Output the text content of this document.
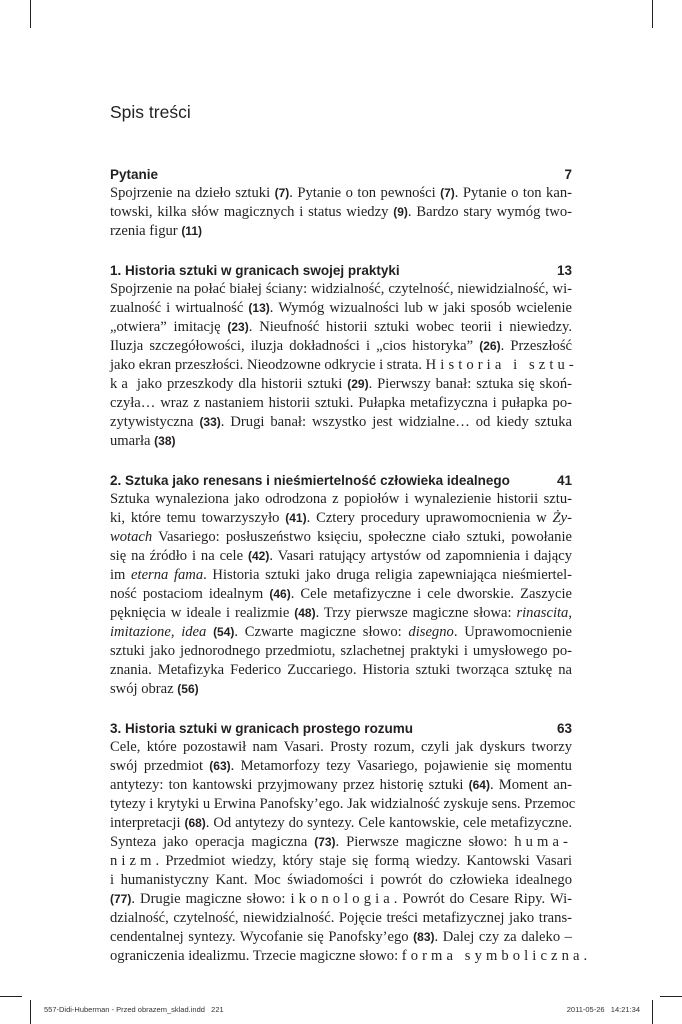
Spis treści
Pytanie	7
Spojrzenie na dzieło sztuki (7). Pytanie o ton pewności (7). Pytanie o ton kan-
towski, kilka słów magicznych i status wiedzy (9). Bardzo stary wymóg two-
rzenia figur (11)
1. Historia sztuki w granicach swojej praktyki	13
Spojrzenie na połać białej ściany: widzialność, czytelność, niewidzialność, wi-
zualność i wirtualność (13). Wymóg wizualności lub w jaki sposób wcielenie
„otwiera” imitację (23). Nieufność historii sztuki wobec teorii i niewiedzy.
Iluzja szczegółowości, iluzja dokładności i „cios historyka” (26). Przeszłość
jako ekran przeszłości. Nieodzowne odkrycie i strata. Historia i sztu-
ka jako przeszkody dla historii sztuki (29). Pierwszy banał: sztuka się skoń-
czyła… wraz z nastaniem historii sztuki. Pułapka metafizyczna i pułapka po-
zytywistyczna (33). Drugi banał: wszystko jest widzialne… od kiedy sztuka
umarła (38)
2. Sztuka jako renesans i nieśmiertelność człowieka idealnego	41
Sztuka wynaleziona jako odrodzona z popiołów i wynalezienie historii sztu-
ki, które temu towarzyszyło (41). Cztery procedury uprawomocnienia w Ży-
wotach Vasariego: posłuszeństwo księciu, społeczne ciało sztuki, powołanie
się na źródło i na cele (42). Vasari ratujący artystów od zapomnienia i dający
im eterna fama. Historia sztuki jako druga religia zapewniająca nieśmiertel-
ność postaciom idealnym (46). Cele metafizyczne i cele dworskie. Zaszycie
pęknięcia w ideale i realizmie (48). Trzy pierwsze magiczne słowa: rinascita,
imitazione, idea (54). Czwarte magiczne słowo: disegno. Uprawomocnienie
sztuki jako jednorodnego przedmiotu, szlachetnej praktyki i umysłowego po-
znania. Metafizyka Federico Zuccariego. Historia sztuki tworząca sztukę na
swój obraz (56)
3. Historia sztuki w granicach prostego rozumu	63
Cele, które pozostawił nam Vasari. Prosty rozum, czyli jak dyskurs tworzy
swój przedmiot (63). Metamorfozy tezy Vasariego, pojawienie się momentu
antytezy: ton kantowski przyjmowany przez historię sztuki (64). Moment an-
tytezy i krytyki u Erwina Panofsky’ego. Jak widzialność zyskuje sens. Przemoc
interpretacji (68). Od antytezy do syntezy. Cele kantowskie, cele metafizyczne.
Synteza jako operacja magiczna (73). Pierwsze magiczne słowo: huma-
nizm. Przedmiot wiedzy, który staje się formą wiedzy. Kantowski Vasari
i humanistyczny Kant. Moc świadomości i powrót do człowieka idealnego
(77). Drugie magiczne słowo: ikonologia. Powrót do Cesare Ripy. Wi-
dzialność, czytelność, niewidzialność. Pojęcie treści metafizycznej jako trans-
cendentalnej syntezy. Wycofanie się Panofsky’ego (83). Dalej czy za daleko –
ograniczenia idealizmu. Trzecie magiczne słowo: forma symboliczna.
557-Didi-Huberman - Przed obrazem_sklad.indd   221	2011-05-26   14:21:34
